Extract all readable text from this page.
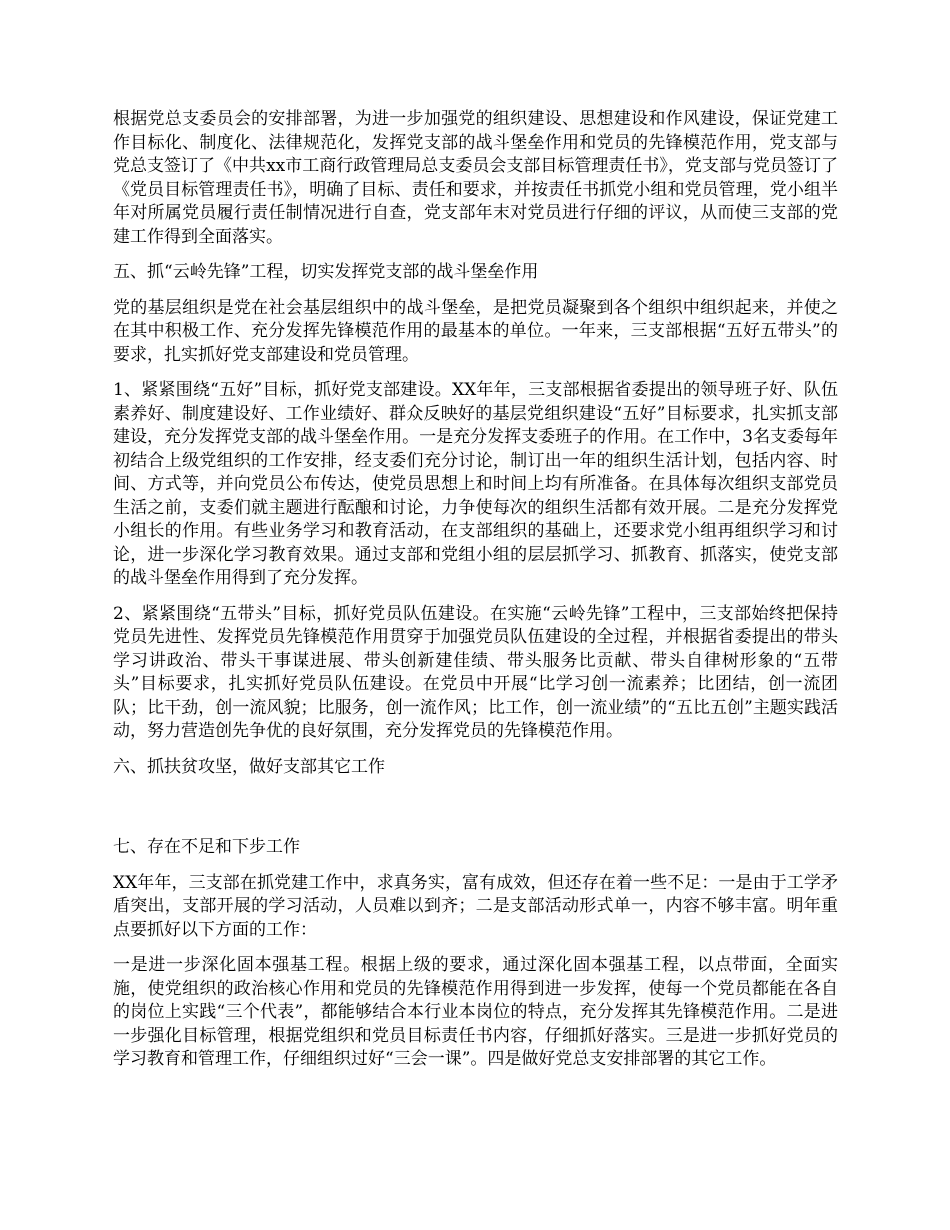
根据党总支委员会的安排部署，为进一步加强党的组织建设、思想建设和作风建设，保证党建工作目标化、制度化、法律规范化，发挥党支部的战斗堡垒作用和党员的先锋模范作用，党支部与党总支签订了《中共xx市工商行政管理局总支委员会支部目标管理责任书》，党支部与党员签订了《党员目标管理责任书》，明确了目标、责任和要求，并按责任书抓党小组和党员管理，党小组半年对所属党员履行责任制情况进行自查，党支部年末对党员进行仔细的评议，从而使三支部的党建工作得到全面落实。

五、抓“云岭先锋”工程，切实发挥党支部的战斗堡垒作用

党的基层组织是党在社会基层组织中的战斗堡垒，是把党员凝聚到各个组织中组织起来，并使之在其中积极工作、充分发挥先锋模范作用的最基本的单位。一年来，三支部根据“五好五带头”的要求，扎实抓好党支部建设和党员管理。

1、紧紧围绕“五好”目标，抓好党支部建设。XX年年，三支部根据省委提出的领导班子好、队伍素养好、制度建设好、工作业绩好、群众反映好的基层党组织建设“五好”目标要求，扎实抓支部建设，充分发挥党支部的战斗堡垒作用。一是充分发挥支委班子的作用。在工作中，3名支委每年初结合上级党组织的工作安排，经支委们充分讨论，制订出一年的组织生活计划，包括内容、时间、方式等，并向党员公布传达，使党员思想上和时间上均有所准备。在具体每次组织支部党员生活之前，支委们就主题进行酝酿和讨论，力争使每次的组织生活都有效开展。二是充分发挥党小组长的作用。有些业务学习和教育活动，在支部组织的基础上，还要求党小组再组织学习和讨论，进一步深化学习教育效果。通过支部和党组小组的层层抓学习、抓教育、抓落实，使党支部的战斗堡垒作用得到了充分发挥。

2、紧紧围绕“五带头”目标，抓好党员队伍建设。在实施“云岭先锋”工程中，三支部始终把保持党员先进性、发挥党员先锋模范作用贯穿于加强党员队伍建设的全过程，并根据省委提出的带头学习讲政治、带头干事谋进展、带头创新建佳绩、带头服务比贡献、带头自律树形象的“五带头”目标要求，扎实抓好党员队伍建设。在党员中开展“比学习创一流素养；比团结，创一流团队；比干劲，创一流风貌；比服务，创一流作风；比工作，创一流业绩”的“五比五创”主题实践活动，努力营造创先争优的良好氛围，充分发挥党员的先锋模范作用。

六、抓扶贫攻坚，做好支部其它工作

七、存在不足和下步工作

XX年年，三支部在抓党建工作中，求真务实，富有成效，但还存在着一些不足：一是由于工学矛盾突出，支部开展的学习活动，人员难以到齐；二是支部活动形式单一，内容不够丰富。明年重点要抓好以下方面的工作：

一是进一步深化固本强基工程。根据上级的要求，通过深化固本强基工程，以点带面，全面实施，使党组织的政治核心作用和党员的先锋模范作用得到进一步发挥，使每一个党员都能在各自的岗位上实践“三个代表”，都能够结合本行业本岗位的特点，充分发挥其先锋模范作用。二是进一步强化目标管理，根据党组织和党员目标责任书内容，仔细抓好落实。三是进一步抓好党员的学习教育和管理工作，仔细组织过好“三会一课”。四是做好党总支安排部署的其它工作。
